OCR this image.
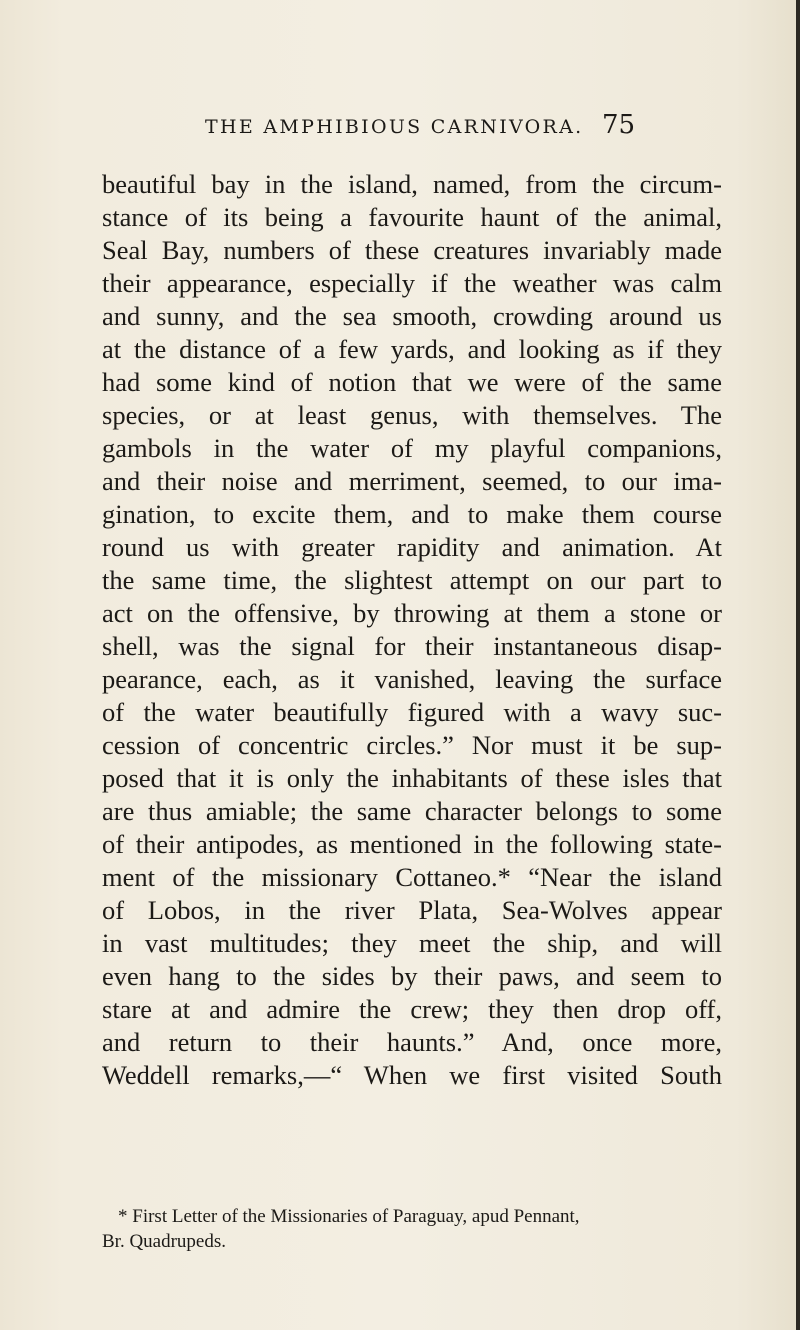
THE AMPHIBIOUS CARNIVORA. 75
beautiful bay in the island, named, from the circum-
stance of its being a favourite haunt of the animal,
Seal Bay, numbers of these creatures invariably made
their appearance, especially if the weather was calm
and sunny, and the sea smooth, crowding around us
at the distance of a few yards, and looking as if they
had some kind of notion that we were of the same
species, or at least genus, with themselves. The
gambols in the water of my playful companions,
and their noise and merriment, seemed, to our ima-
gination, to excite them, and to make them course
round us with greater rapidity and animation. At
the same time, the slightest attempt on our part to
act on the offensive, by throwing at them a stone or
shell, was the signal for their instantaneous disap-
pearance, each, as it vanished, leaving the surface
of the water beautifully figured with a wavy suc-
cession of concentric circles.” Nor must it be sup-
posed that it is only the inhabitants of these isles that
are thus amiable; the same character belongs to some
of their antipodes, as mentioned in the following state-
ment of the missionary Cottaneo.* “Near the island
of Lobos, in the river Plata, Sea-Wolves appear
in vast multitudes; they meet the ship, and will
even hang to the sides by their paws, and seem to
stare at and admire the crew; they then drop off,
and return to their haunts.” And, once more,
Weddell remarks,—“ When we first visited South
* First Letter of the Missionaries of Paraguay, apud Pennant,
Br. Quadrupeds.
